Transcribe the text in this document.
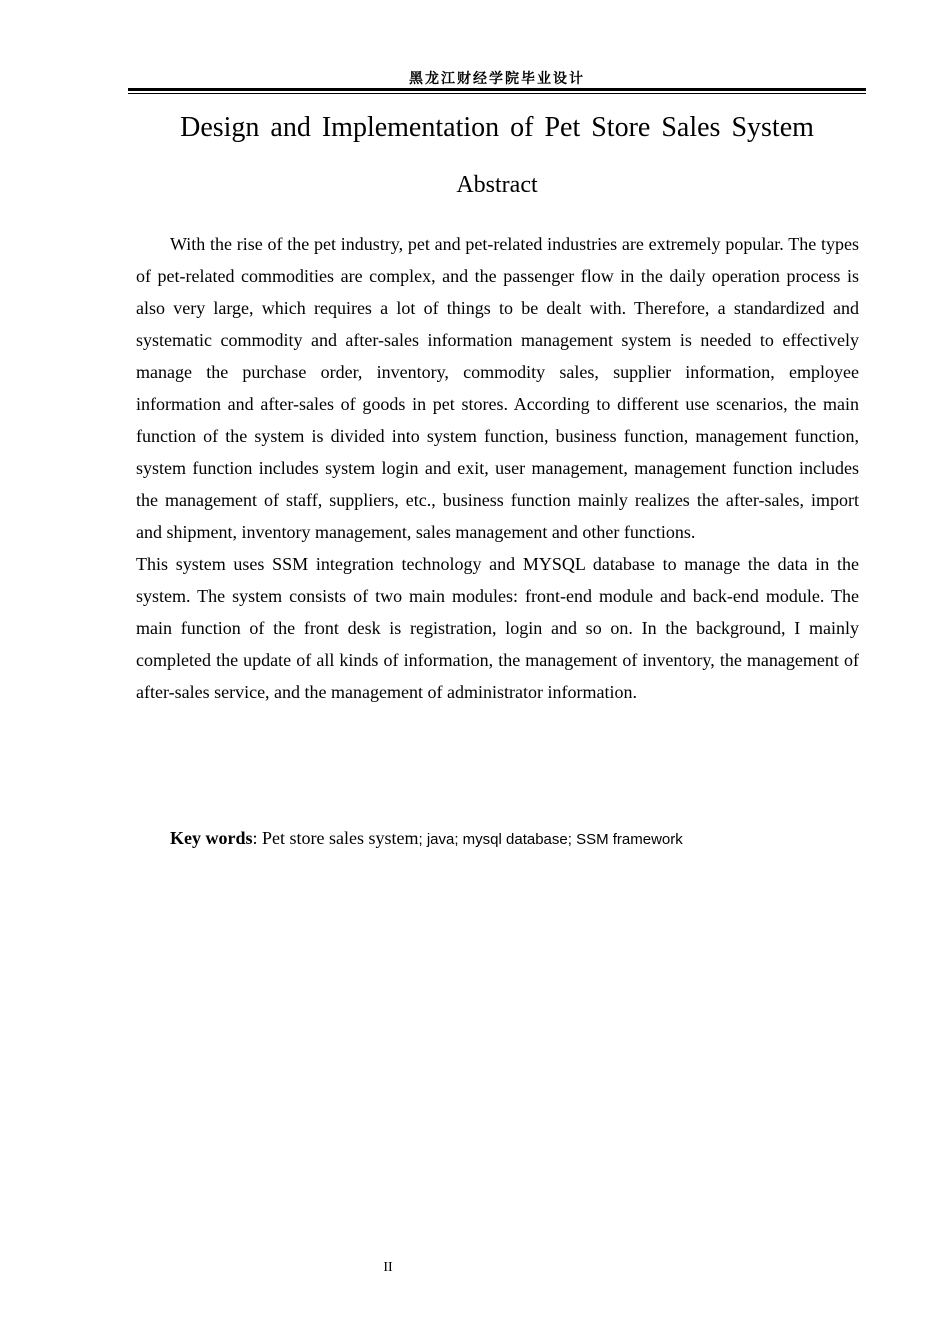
黑龙江财经学院毕业设计
Design and Implementation of Pet Store Sales System
Abstract

With the rise of the pet industry, pet and pet-related industries are extremely popular. The types of pet-related commodities are complex, and the passenger flow in the daily operation process is also very large, which requires a lot of things to be dealt with. Therefore, a standardized and systematic commodity and after-sales information management system is needed to effectively manage the purchase order, inventory, commodity sales, supplier information, employee information and after-sales of goods in pet stores. According to different use scenarios, the main function of the system is divided into system function, business function, management function, system function includes system login and exit, user management, management function includes the management of staff, suppliers, etc., business function mainly realizes the after-sales, import and shipment, inventory management, sales management and other functions.

This system uses SSM integration technology and MYSQL database to manage the data in the system. The system consists of two main modules: front-end module and back-end module. The main function of the front desk is registration, login and so on. In the background, I mainly completed the update of all kinds of information, the management of inventory, the management of after-sales service, and the management of administrator information.

Key words: Pet store sales system; java; mysql database; SSM framework
II
